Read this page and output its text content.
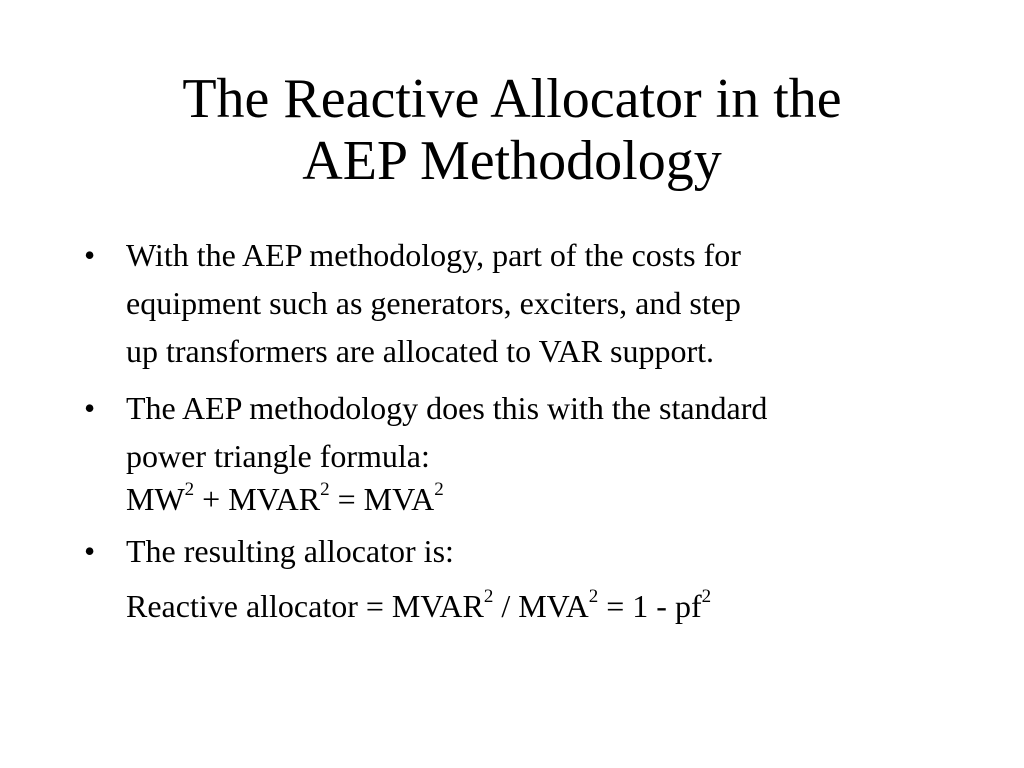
The Reactive Allocator in the
AEP Methodology
• With the AEP methodology, part of the costs for
equipment such as generators, exciters, and step
up transformers are allocated to VAR support.
• The AEP methodology does this with the standard
power triangle formula:
$MW^2$ + $MVAR^2 = MVA^2$
• The resulting allocator is:
Reactive allocator = $MVAR^2 / MVA^2 = 1 - pf^2$
